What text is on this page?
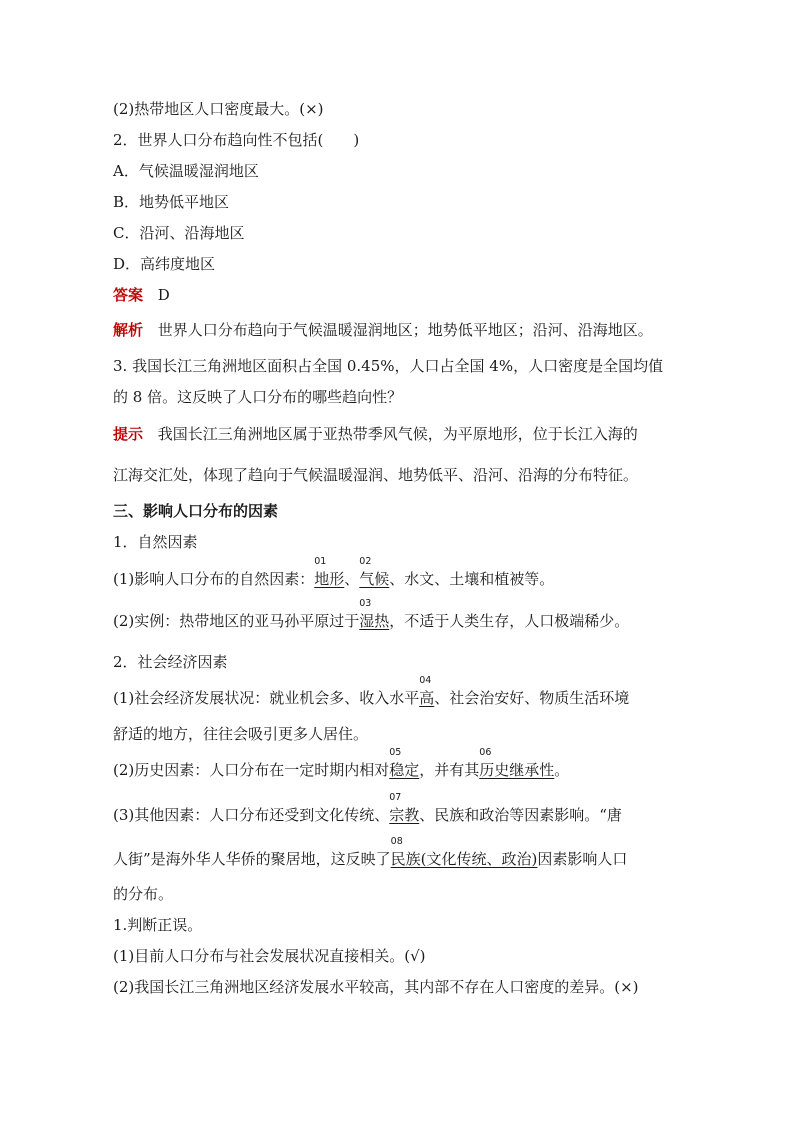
(2)热带地区人口密度最大。(×)
2．世界人口分布趋向性不包括(　　)
A．气候温暖湿润地区
B．地势低平地区
C．沿河、沿海地区
D．高纬度地区
答案 D
解析 世界人口分布趋向于气候温暖湿润地区；地势低平地区；沿河、沿海地区。
3. 我国长江三角洲地区面积占全国 0.45%，人口占全国 4%，人口密度是全国均值
的 8 倍。这反映了人口分布的哪些趋向性？
提示 我国长江三角洲地区属于亚热带季风气候，为平原地形，位于长江入海的
江海交汇处，体现了趋向于气候温暖湿润、地势低平、沿河、沿海的分布特征。
三、影响人口分布的因素
1．自然因素
(1)影响人口分布的自然因素：
01
地形、
02
气候、水文、土壤和植被等。
(2)实例：热带地区的亚马孙平原过于
03
湿热，不适于人类生存，人口极端稀少。
2．社会经济因素
(1)社会经济发展状况：就业机会多、收入水平
04
高、社会治安好、物质生活环境
舒适的地方，往往会吸引更多人居住。
(2)历史因素：人口分布在一定时期内相对
05
稳定，并有其
06
历史继承性。
(3)其他因素：人口分布还受到文化传统、
07
宗教、民族和政治等因素影响。“唐
人街”是海外华人华侨的聚居地，这反映了
08
民族(文化传统、政治)因素影响人口
的分布。
1.判断正误。
(1)目前人口分布与社会发展状况直接相关。(√)
(2)我国长江三角洲地区经济发展水平较高，其内部不存在人口密度的差异。(×)
